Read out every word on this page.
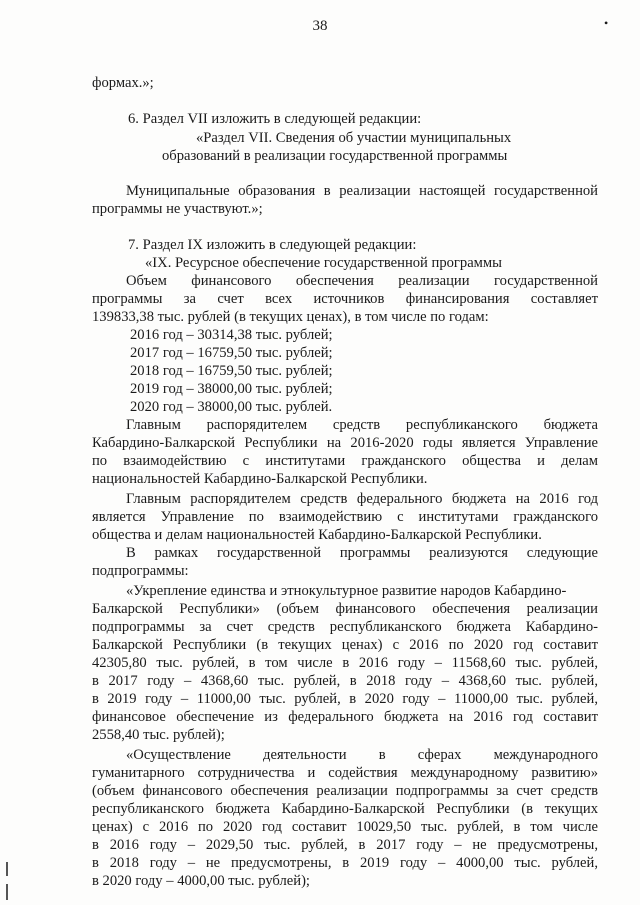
38	•
формах.»;
6. Раздел VII изложить в следующей редакции:
«Раздел VII. Сведения об участии муниципальных
образований в реализации государственной программы
Муниципальные образования в реализации настоящей государственной
программы не участвуют.»;
7. Раздел IX изложить в следующей редакции:
«IX. Ресурсное обеспечение государственной программы
Объем финансового обеспечения реализации государственной
программы за счет всех источников финансирования составляет
139833,38 тыс. рублей (в текущих ценах), в том числе по годам:
2016 год – 30314,38 тыс. рублей;
2017 год – 16759,50 тыс. рублей;
2018 год – 16759,50 тыс. рублей;
2019 год – 38000,00 тыс. рублей;
2020 год – 38000,00 тыс. рублей.
Главным распорядителем средств республиканского бюджета
Кабардино-Балкарской Республики на 2016-2020 годы является Управление
по взаимодействию с институтами гражданского общества и делам
национальностей Кабардино-Балкарской Республики.
Главным распорядителем средств федерального бюджета на 2016 год
является Управление по взаимодействию с институтами гражданского
общества и делам национальностей Кабардино-Балкарской Республики.
В рамках государственной программы реализуются следующие
подпрограммы:
«Укрепление единства и этнокультурное развитие народов Кабардино-
Балкарской Республики» (объем финансового обеспечения реализации
подпрограммы за счет средств республиканского бюджета Кабардино-
Балкарской Республики (в текущих ценах) с 2016 по 2020 год составит
42305,80 тыс. рублей, в том числе в 2016 году – 11568,60 тыс. рублей,
в 2017 году – 4368,60 тыс. рублей, в 2018 году – 4368,60 тыс. рублей,
в 2019 году – 11000,00 тыс. рублей, в 2020 году – 11000,00 тыс. рублей,
финансовое обеспечение из федерального бюджета на 2016 год составит
2558,40 тыс. рублей);
«Осуществление деятельности в сферах международного
гуманитарного сотрудничества и содействия международному развитию»
(объем финансового обеспечения реализации подпрограммы за счет средств
республиканского бюджета Кабардино-Балкарской Республики (в текущих
ценах) с 2016 по 2020 год составит 10029,50 тыс. рублей, в том числе
в 2016 году – 2029,50 тыс. рублей, в 2017 году – не предусмотрены,
в 2018 году – не предусмотрены, в 2019 году – 4000,00 тыс. рублей,
в 2020 году – 4000,00 тыс. рублей);
